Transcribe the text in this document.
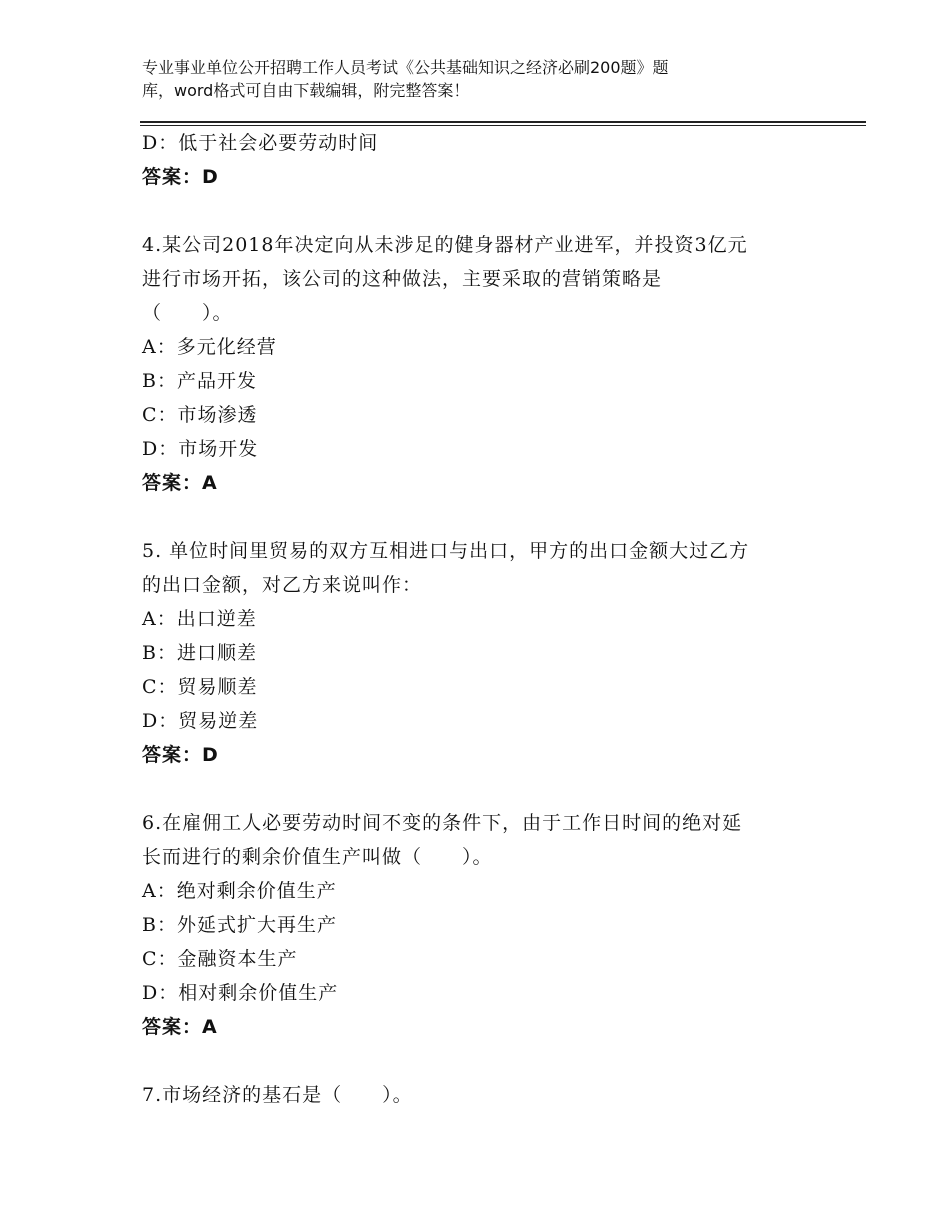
专业事业单位公开招聘工作人员考试《公共基础知识之经济必刷200题》题
库，word格式可自由下载编辑，附完整答案！
D：低于社会必要劳动时间
答案：D
4.某公司2018年决定向从未涉足的健身器材产业进军，并投资3亿元
进行市场开拓，该公司的这种做法，主要采取的营销策略是
（　　）。
A：多元化经营
B：产品开发
C：市场渗透
D：市场开发
答案：A
5. 单位时间里贸易的双方互相进口与出口，甲方的出口金额大过乙方
的出口金额，对乙方来说叫作：
A：出口逆差
B：进口顺差
C：贸易顺差
D：贸易逆差
答案：D
6.在雇佣工人必要劳动时间不变的条件下，由于工作日时间的绝对延
长而进行的剩余价值生产叫做（　　）。
A：绝对剩余价值生产
B：外延式扩大再生产
C：金融资本生产
D：相对剩余价值生产
答案：A
7.市场经济的基石是（　　）。
